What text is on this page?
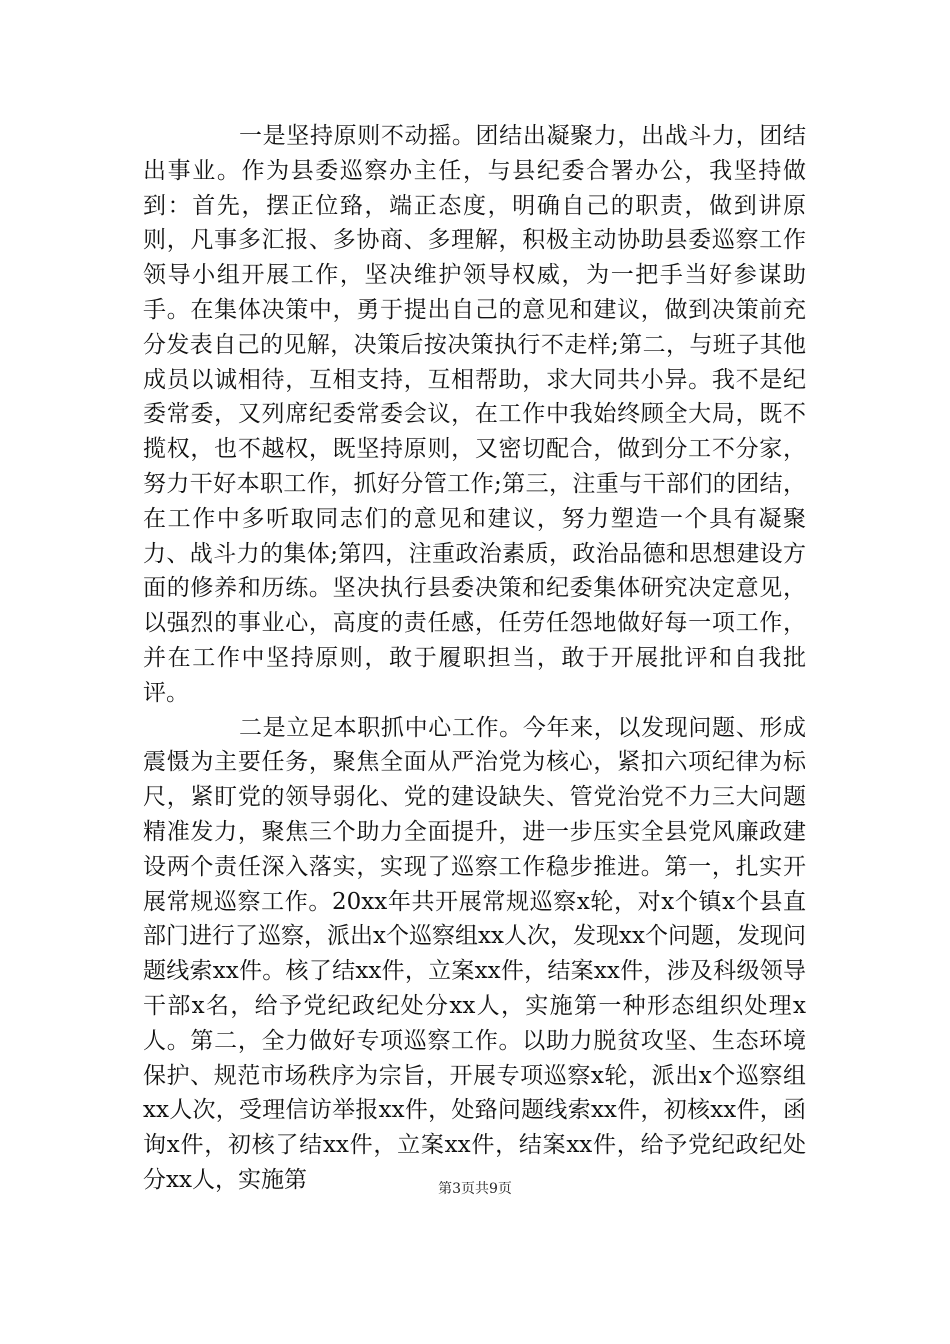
一是坚持原则不动摇。团结出凝聚力，出战斗力，团结出事业。作为县委巡察办主任，与县纪委合署办公，我坚持做到：首先，摆正位臵，端正态度，明确自己的职责，做到讲原则，凡事多汇报、多协商、多理解，积极主动协助县委巡察工作领导小组开展工作，坚决维护领导权威，为一把手当好参谋助手。在集体决策中，勇于提出自己的意见和建议，做到决策前充分发表自己的见解，决策后按决策执行不走样;第二，与班子其他成员以诚相待，互相支持，互相帮助，求大同共小异。我不是纪委常委，又列席纪委常委会议，在工作中我始终顾全大局，既不揽权，也不越权，既坚持原则，又密切配合，做到分工不分家，努力干好本职工作，抓好分管工作;第三，注重与干部们的团结，在工作中多听取同志们的意见和建议，努力塑造一个具有凝聚力、战斗力的集体;第四，注重政治素质，政治品德和思想建设方面的修养和历练。坚决执行县委决策和纪委集体研究决定意见，以强烈的事业心，高度的责任感，任劳任怨地做好每一项工作，并在工作中坚持原则，敢于履职担当，敢于开展批评和自我批评。

二是立足本职抓中心工作。今年来，以发现问题、形成震慑为主要任务，聚焦全面从严治党为核心，紧扣六项纪律为标尺，紧盯党的领导弱化、党的建设缺失、管党治党不力三大问题精准发力，聚焦三个助力全面提升，进一步压实全县党风廉政建设两个责任深入落实，实现了巡察工作稳步推进。第一，扎实开展常规巡察工作。20xx年共开展常规巡察x轮，对x个镇x个县直部门进行了巡察，派出x个巡察组xx人次，发现xx个问题，发现问题线索xx件。核了结xx件，立案xx件，结案xx件，涉及科级领导干部x名，给予党纪政纪处分xx人，实施第一种形态组织处理x人。第二，全力做好专项巡察工作。以助力脱贫攻坚、生态环境保护、规范市场秩序为宗旨，开展专项巡察x轮，派出x个巡察组xx人次，受理信访举报xx件，处臵问题线索xx件，初核xx件，函询x件，初核了结xx件，立案xx件，结案xx件，给予党纪政纪处分xx人，实施第	第3页共9页
